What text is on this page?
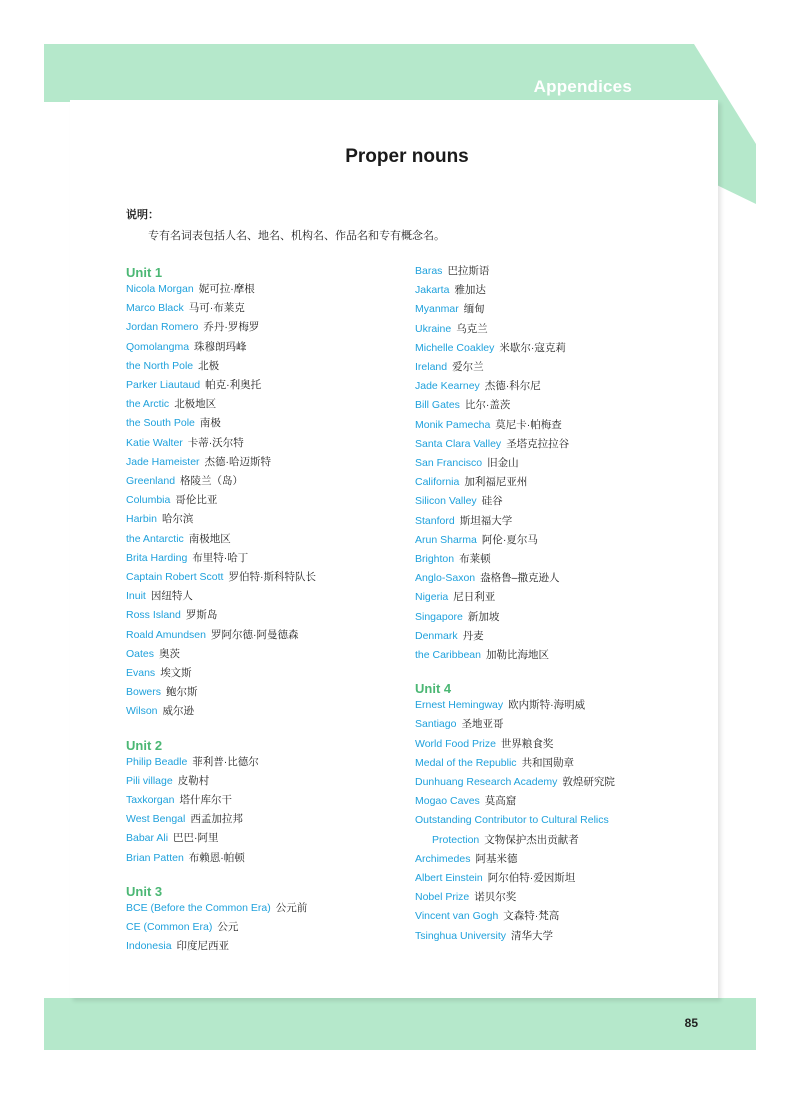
Appendices
Proper nouns
说明：
专有名词表包括人名、地名、机构名、作品名和专有概念名。
Unit 1
Nicola Morgan 妮可拉·摩根
Marco Black 马可·布莱克
Jordan Romero 乔丹·罗梅罗
Qomolangma 珠穆朗玛峰
the North Pole 北极
Parker Liautaud 帕克·利奥托
the Arctic 北极地区
the South Pole 南极
Katie Walter 卡蒂·沃尔特
Jade Hameister 杰德·哈迈斯特
Greenland 格陵兰（岛）
Columbia 哥伦比亚
Harbin 哈尔滨
the Antarctic 南极地区
Brita Harding 布里特·哈丁
Captain Robert Scott 罗伯特·斯科特队长
Inuit 因纽特人
Ross Island 罗斯岛
Roald Amundsen 罗阿尔德·阿曼德森
Oates 奥茨
Evans 埃文斯
Bowers 鲍尔斯
Wilson 威尔逊
Unit 2
Philip Beadle 菲利普·比德尔
Pili village 皮勒村
Taxkorgan 塔什库尔干
West Bengal 西孟加拉邦
Babar Ali 巴巴·阿里
Brian Patten 布赖恩·帕顿
Unit 3
BCE (Before the Common Era) 公元前
CE (Common Era) 公元
Indonesia 印度尼西亚
Baras 巴拉斯语
Jakarta 雅加达
Myanmar 缅甸
Ukraine 乌克兰
Michelle Coakley 米歇尔·寇克莉
Ireland 爱尔兰
Jade Kearney 杰德·科尔尼
Bill Gates 比尔·盖茨
Monik Pamecha 莫尼卡·帕梅查
Santa Clara Valley 圣塔克拉拉谷
San Francisco 旧金山
California 加利福尼亚州
Silicon Valley 硅谷
Stanford 斯坦福大学
Arun Sharma 阿伦·夏尔马
Brighton 布莱顿
Anglo-Saxon 盎格鲁–撒克逊人
Nigeria 尼日利亚
Singapore 新加坡
Denmark 丹麦
the Caribbean 加勒比海地区
Unit 4
Ernest Hemingway 欧内斯特·海明威
Santiago 圣地亚哥
World Food Prize 世界粮食奖
Medal of the Republic 共和国勋章
Dunhuang Research Academy 敦煌研究院
Mogao Caves 莫高窟
Outstanding Contributor to Cultural Relics
Protection 文物保护杰出贡献者
Archimedes 阿基米德
Albert Einstein 阿尔伯特·爱因斯坦
Nobel Prize 诺贝尔奖
Vincent van Gogh 文森特·梵高
Tsinghua University 清华大学
85
